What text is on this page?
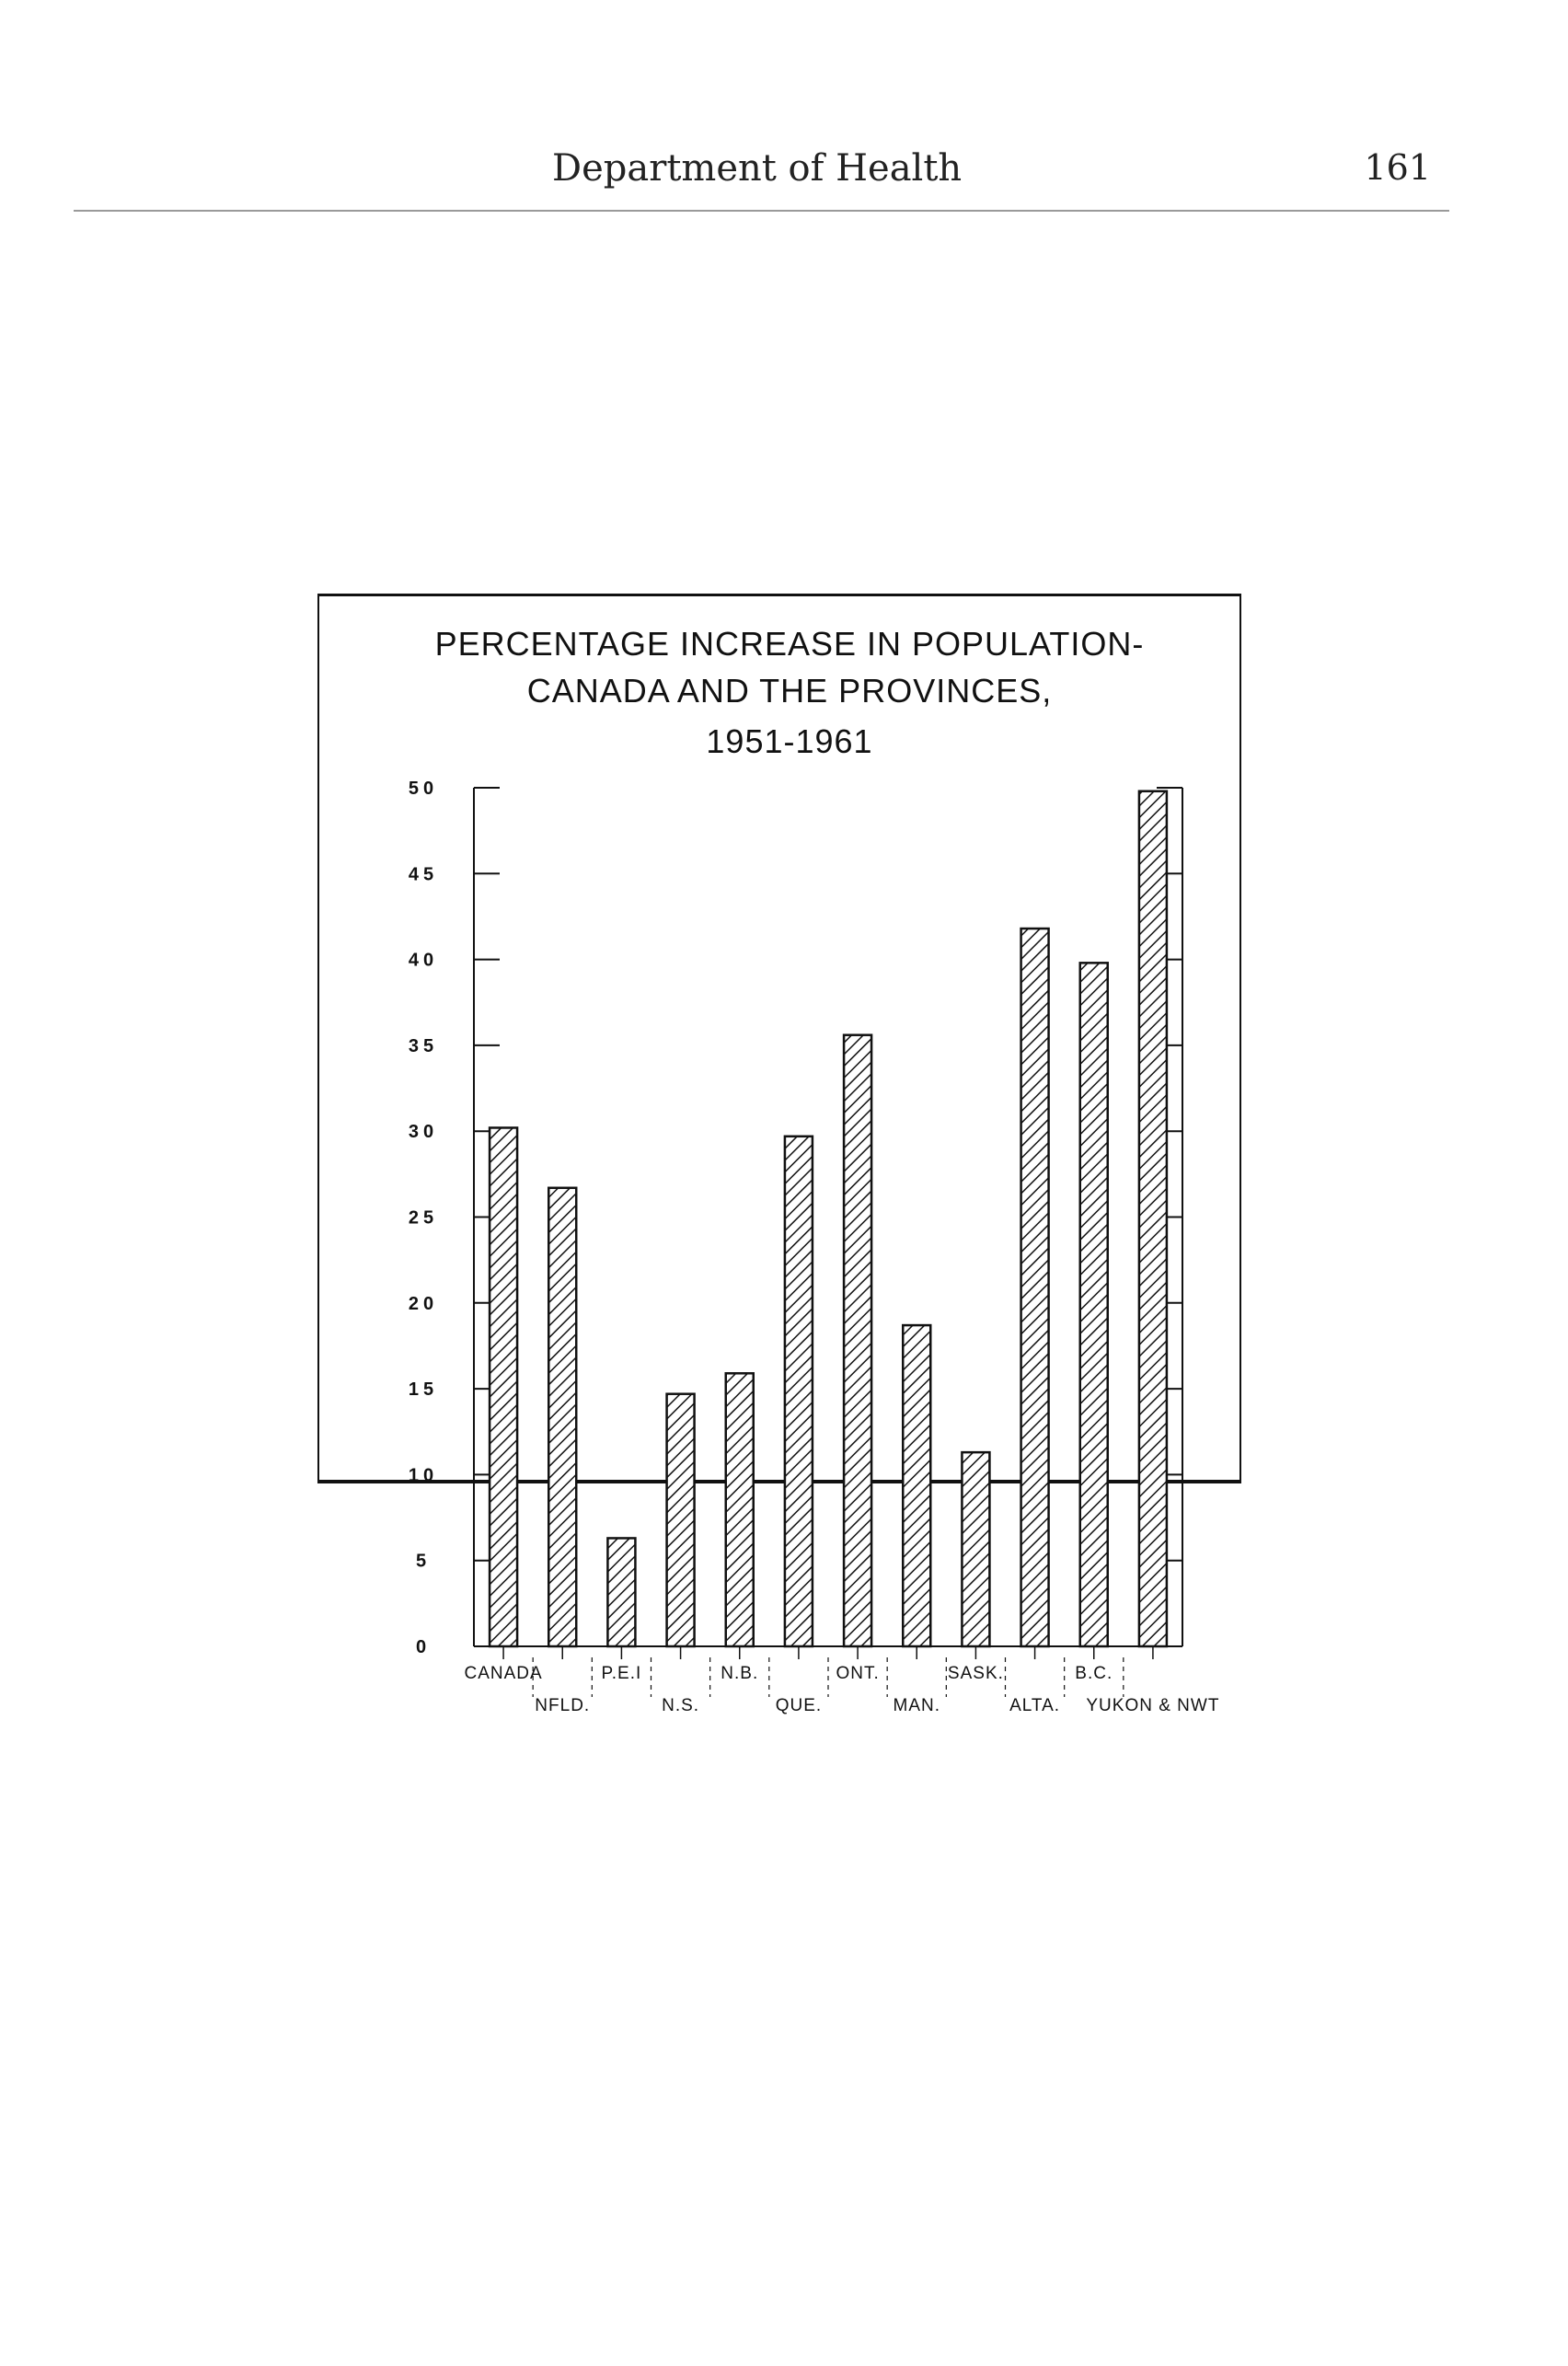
Department of Health	161
PERCENTAGE INCREASE IN POPULATION-
CANADA AND THE PROVINCES,
1951-1961
0
5
10
15
20
25
30
35
40
45
50
CANADA
NFLD.
P.E.I
N.S.
N.B.
QUE.
ONT.
MAN.
SASK.
ALTA.
B.C.
YUKON & NWT
